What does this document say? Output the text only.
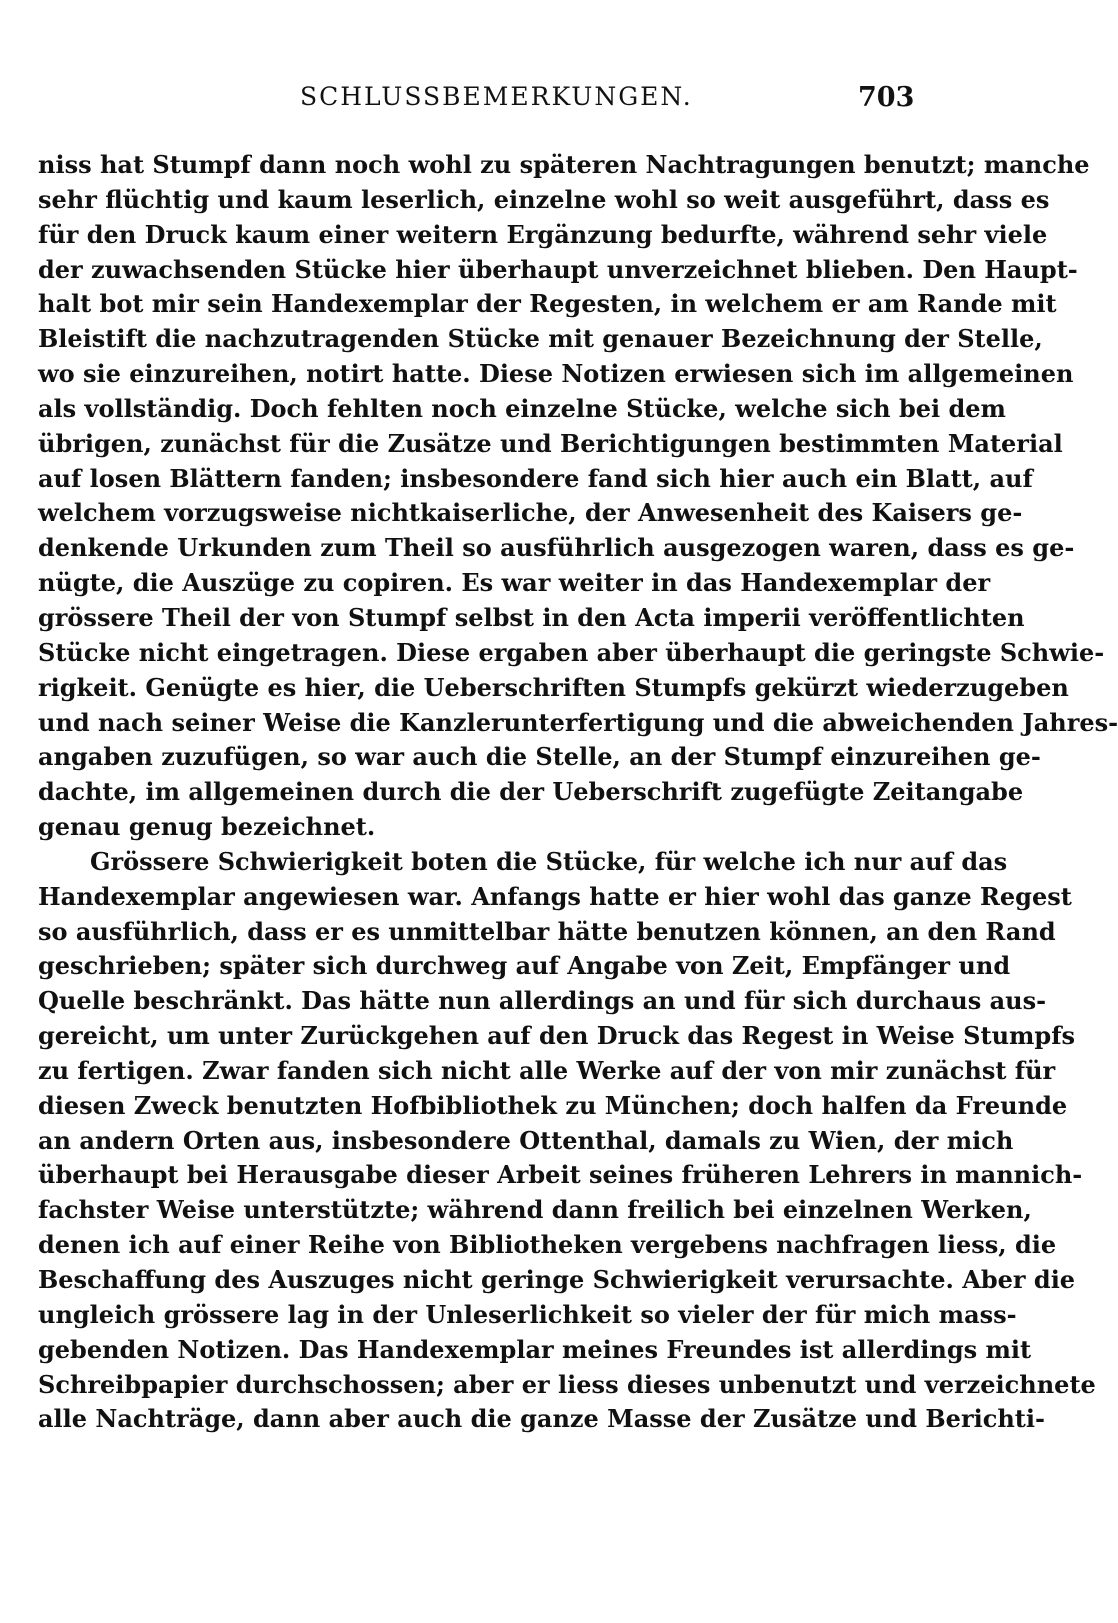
SCHLUSSBEMERKUNGEN.	703
niss hat Stumpf dann noch wohl zu späteren Nachtragungen benutzt; manche
sehr flüchtig und kaum leserlich, einzelne wohl so weit ausgeführt, dass es
für den Druck kaum einer weitern Ergänzung bedurfte, während sehr viele
der zuwachsenden Stücke hier überhaupt unverzeichnet blieben. Den Haupt-
halt bot mir sein Handexemplar der Regesten, in welchem er am Rande mit
Bleistift die nachzutragenden Stücke mit genauer Bezeichnung der Stelle,
wo sie einzureihen, notirt hatte. Diese Notizen erwiesen sich im allgemeinen
als vollständig. Doch fehlten noch einzelne Stücke, welche sich bei dem
übrigen, zunächst für die Zusätze und Berichtigungen bestimmten Material
auf losen Blättern fanden; insbesondere fand sich hier auch ein Blatt, auf
welchem vorzugsweise nichtkaiserliche, der Anwesenheit des Kaisers ge-
denkende Urkunden zum Theil so ausführlich ausgezogen waren, dass es ge-
nügte, die Auszüge zu copiren. Es war weiter in das Handexemplar der
grössere Theil der von Stumpf selbst in den Acta imperii veröffentlichten
Stücke nicht eingetragen. Diese ergaben aber überhaupt die geringste Schwie-
rigkeit. Genügte es hier, die Ueberschriften Stumpfs gekürzt wiederzugeben
und nach seiner Weise die Kanzlerunterfertigung und die abweichenden Jahres-
angaben zuzufügen, so war auch die Stelle, an der Stumpf einzureihen ge-
dachte, im allgemeinen durch die der Ueberschrift zugefügte Zeitangabe
genau genug bezeichnet.
Grössere Schwierigkeit boten die Stücke, für welche ich nur auf das
Handexemplar angewiesen war. Anfangs hatte er hier wohl das ganze Regest
so ausführlich, dass er es unmittelbar hätte benutzen können, an den Rand
geschrieben; später sich durchweg auf Angabe von Zeit, Empfänger und
Quelle beschränkt. Das hätte nun allerdings an und für sich durchaus aus-
gereicht, um unter Zurückgehen auf den Druck das Regest in Weise Stumpfs
zu fertigen. Zwar fanden sich nicht alle Werke auf der von mir zunächst für
diesen Zweck benutzten Hofbibliothek zu München; doch halfen da Freunde
an andern Orten aus, insbesondere Ottenthal, damals zu Wien, der mich
überhaupt bei Herausgabe dieser Arbeit seines früheren Lehrers in mannich-
fachster Weise unterstützte; während dann freilich bei einzelnen Werken,
denen ich auf einer Reihe von Bibliotheken vergebens nachfragen liess, die
Beschaffung des Auszuges nicht geringe Schwierigkeit verursachte. Aber die
ungleich grössere lag in der Unleserlichkeit so vieler der für mich mass-
gebenden Notizen. Das Handexemplar meines Freundes ist allerdings mit
Schreibpapier durchschossen; aber er liess dieses unbenutzt und verzeichnete
alle Nachträge, dann aber auch die ganze Masse der Zusätze und Berichti-
